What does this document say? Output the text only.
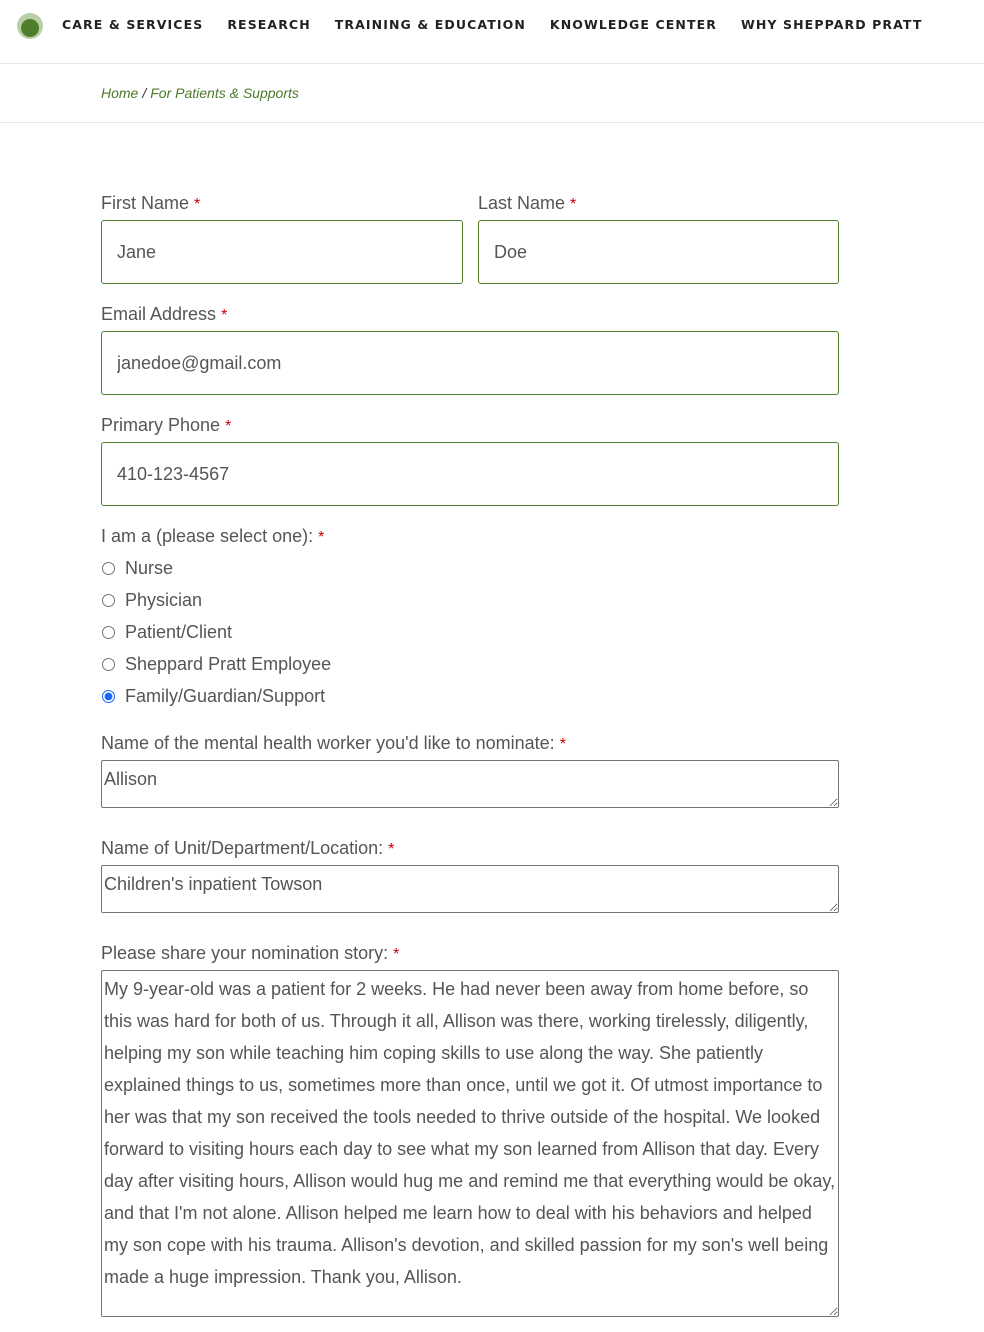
CARE & SERVICES RESEARCH TRAINING & EDUCATION KNOWLEDGE CENTER WHY SHEPPARD PRATT
Home / For Patients & Supports
First Name *
Jane	Last Name *
Doe
Email Address *
janedoe@gmail.com
Primary Phone *
410-123-4567
I am a (please select one): *
Nurse
Physician
Patient/Client
Sheppard Pratt Employee
Family/Guardian/Support
Name of the mental health worker you'd like to nominate: *
Allison
Name of Unit/Department/Location: *
Children's inpatient Towson
Please share your nomination story: *
My 9-year-old was a patient for 2 weeks. He had never been away from home before, so this was hard for both of us. Through it all, Allison was there, working tirelessly, diligently, helping my son while teaching him coping skills to use along the way. She patiently explained things to us, sometimes more than once, until we got it. Of utmost importance to her was that my son received the tools needed to thrive outside of the hospital. We looked forward to visiting hours each day to see what my son learned from Allison that day. Every day after visiting hours, Allison would hug me and remind me that everything would be okay, and that I'm not alone. Allison helped me learn how to deal with his behaviors and helped my son cope with his trauma. Allison's devotion, and skilled passion for my son's well being made a huge impression. Thank you, Allison.
